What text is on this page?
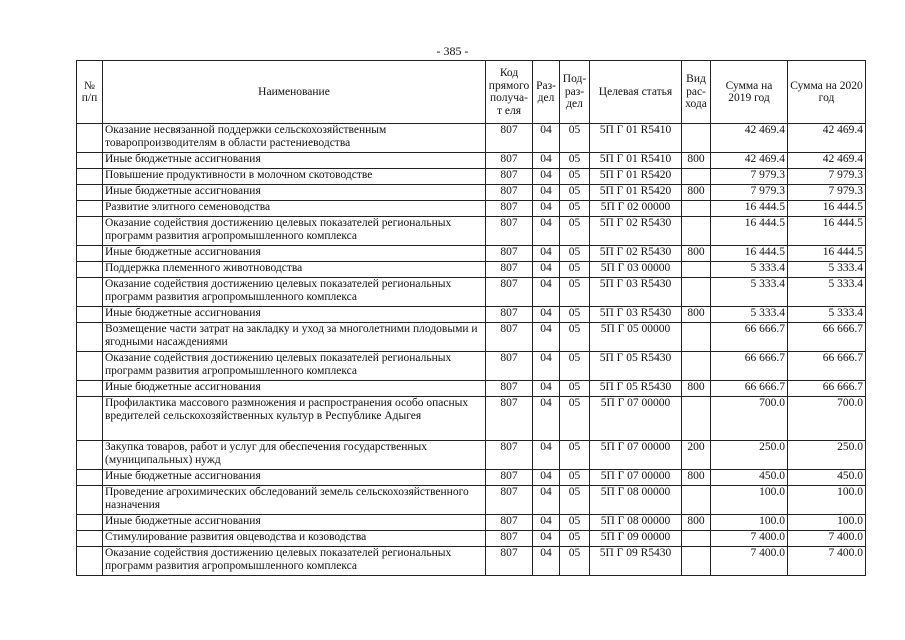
- 385 -
№ п/п	Наименование	Код прямого получа-т еля	Раз- дел	Под- раз- дел	Целевая статья	Вид рас- хода	Сумма на 2019 год	Сумма на 2020 год
	Оказание несвязанной поддержки сельскохозяйственным товаропроизводителям в области растениеводства	807	04	05	5П Г 01 R5410		42 469.4	42 469.4
	Иные бюджетные ассигнования	807	04	05	5П Г 01 R5410	800	42 469.4	42 469.4
	Повышение продуктивности в молочном скотоводстве	807	04	05	5П Г 01 R5420		7 979.3	7 979.3
	Иные бюджетные ассигнования	807	04	05	5П Г 01 R5420	800	7 979.3	7 979.3
	Развитие элитного семеноводства	807	04	05	5П Г 02 00000		16 444.5	16 444.5
	Оказание содействия достижению целевых показателей региональных программ развития агропромышленного комплекса	807	04	05	5П Г 02 R5430		16 444.5	16 444.5
	Иные бюджетные ассигнования	807	04	05	5П Г 02 R5430	800	16 444.5	16 444.5
	Поддержка племенного животноводства	807	04	05	5П Г 03 00000		5 333.4	5 333.4
	Оказание содействия достижению целевых показателей региональных программ развития агропромышленного комплекса	807	04	05	5П Г 03 R5430		5 333.4	5 333.4
	Иные бюджетные ассигнования	807	04	05	5П Г 03 R5430	800	5 333.4	5 333.4
	Возмещение части затрат на закладку и уход за многолетними плодовыми и ягодными насаждениями	807	04	05	5П Г 05 00000		66 666.7	66 666.7
	Оказание содействия достижению целевых показателей региональных программ развития агропромышленного комплекса	807	04	05	5П Г 05 R5430		66 666.7	66 666.7
	Иные бюджетные ассигнования	807	04	05	5П Г 05 R5430	800	66 666.7	66 666.7
	Профилактика массового размножения и распространения особо опасных вредителей сельскохозяйственных культур в Республике Адыгея	807	04	05	5П Г 07 00000		700.0	700.0
	Закупка товаров, работ и услуг для обеспечения государственных (муниципальных) нужд	807	04	05	5П Г 07 00000	200	250.0	250.0
	Иные бюджетные ассигнования	807	04	05	5П Г 07 00000	800	450.0	450.0
	Проведение агрохимических обследований земель сельскохозяйственного назначения	807	04	05	5П Г 08 00000		100.0	100.0
	Иные бюджетные ассигнования	807	04	05	5П Г 08 00000	800	100.0	100.0
	Стимулирование развития овцеводства и козоводства	807	04	05	5П Г 09 00000		7 400.0	7 400.0
	Оказание содействия достижению целевых показателей региональных программ развития агропромышленного комплекса	807	04	05	5П Г 09 R5430		7 400.0	7 400.0
